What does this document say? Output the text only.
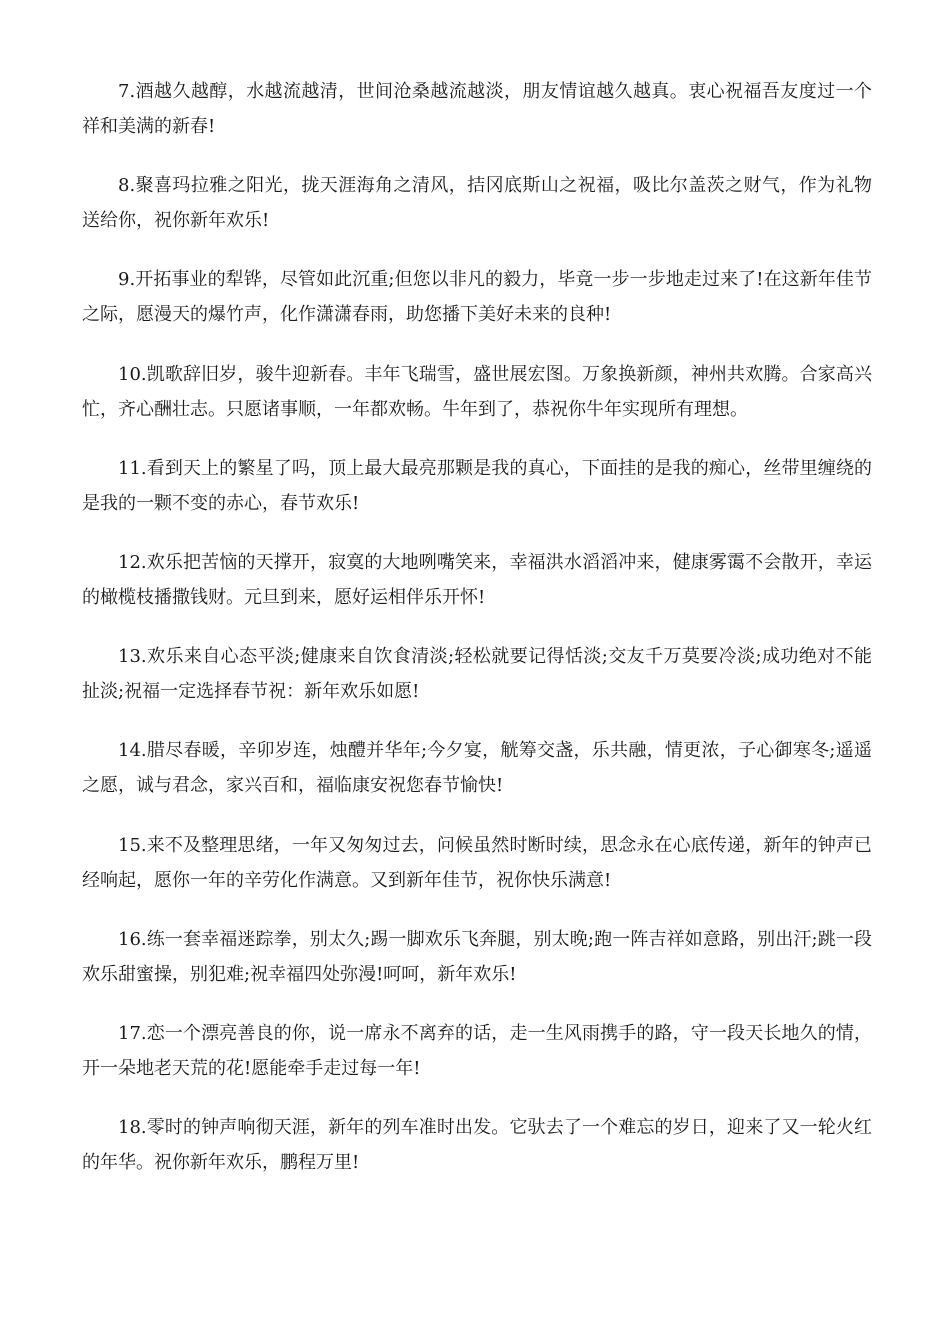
7.酒越久越醇，水越流越清，世间沧桑越流越淡，朋友情谊越久越真。衷心祝福吾友度过一个祥和美满的新春!

8.聚喜玛拉雅之阳光，拢天涯海角之清风，拮冈底斯山之祝福，吸比尔盖茨之财气，作为礼物送给你，祝你新年欢乐!

9.开拓事业的犁铧，尽管如此沉重;但您以非凡的毅力，毕竟一步一步地走过来了!在这新年佳节之际，愿漫天的爆竹声，化作潇潇春雨，助您播下美好未来的良种!

10.凯歌辞旧岁，骏牛迎新春。丰年飞瑞雪，盛世展宏图。万象换新颜，神州共欢腾。合家高兴忙，齐心酬壮志。只愿诸事顺，一年都欢畅。牛年到了，恭祝你牛年实现所有理想。

11.看到天上的繁星了吗，顶上最大最亮那颗是我的真心，下面挂的是我的痴心，丝带里缠绕的是我的一颗不变的赤心，春节欢乐!

12.欢乐把苦恼的天撑开，寂寞的大地咧嘴笑来，幸福洪水滔滔冲来，健康雾霭不会散开，幸运的橄榄枝播撒钱财。元旦到来，愿好运相伴乐开怀!

13.欢乐来自心态平淡;健康来自饮食清淡;轻松就要记得恬淡;交友千万莫要冷淡;成功绝对不能扯淡;祝福一定选择春节祝：新年欢乐如愿!

14.腊尽春暖，辛卯岁连，烛醴并华年;今夕宴，觥筹交盏，乐共融，情更浓，子心御寒冬;遥遥之愿，诚与君念，家兴百和，福临康安祝您春节愉快!

15.来不及整理思绪，一年又匆匆过去，问候虽然时断时续，思念永在心底传递，新年的钟声已经响起，愿你一年的辛劳化作满意。又到新年佳节，祝你快乐满意!

16.练一套幸福迷踪拳，别太久;踢一脚欢乐飞奔腿，别太晚;跑一阵吉祥如意路，别出汗;跳一段欢乐甜蜜操，别犯难;祝幸福四处弥漫!呵呵，新年欢乐!

17.恋一个漂亮善良的你，说一席永不离弃的话，走一生风雨携手的路，守一段天长地久的情，开一朵地老天荒的花!愿能牵手走过每一年!

18.零时的钟声响彻天涯，新年的列车准时出发。它驮去了一个难忘的岁日，迎来了又一轮火红的年华。祝你新年欢乐，鹏程万里!
